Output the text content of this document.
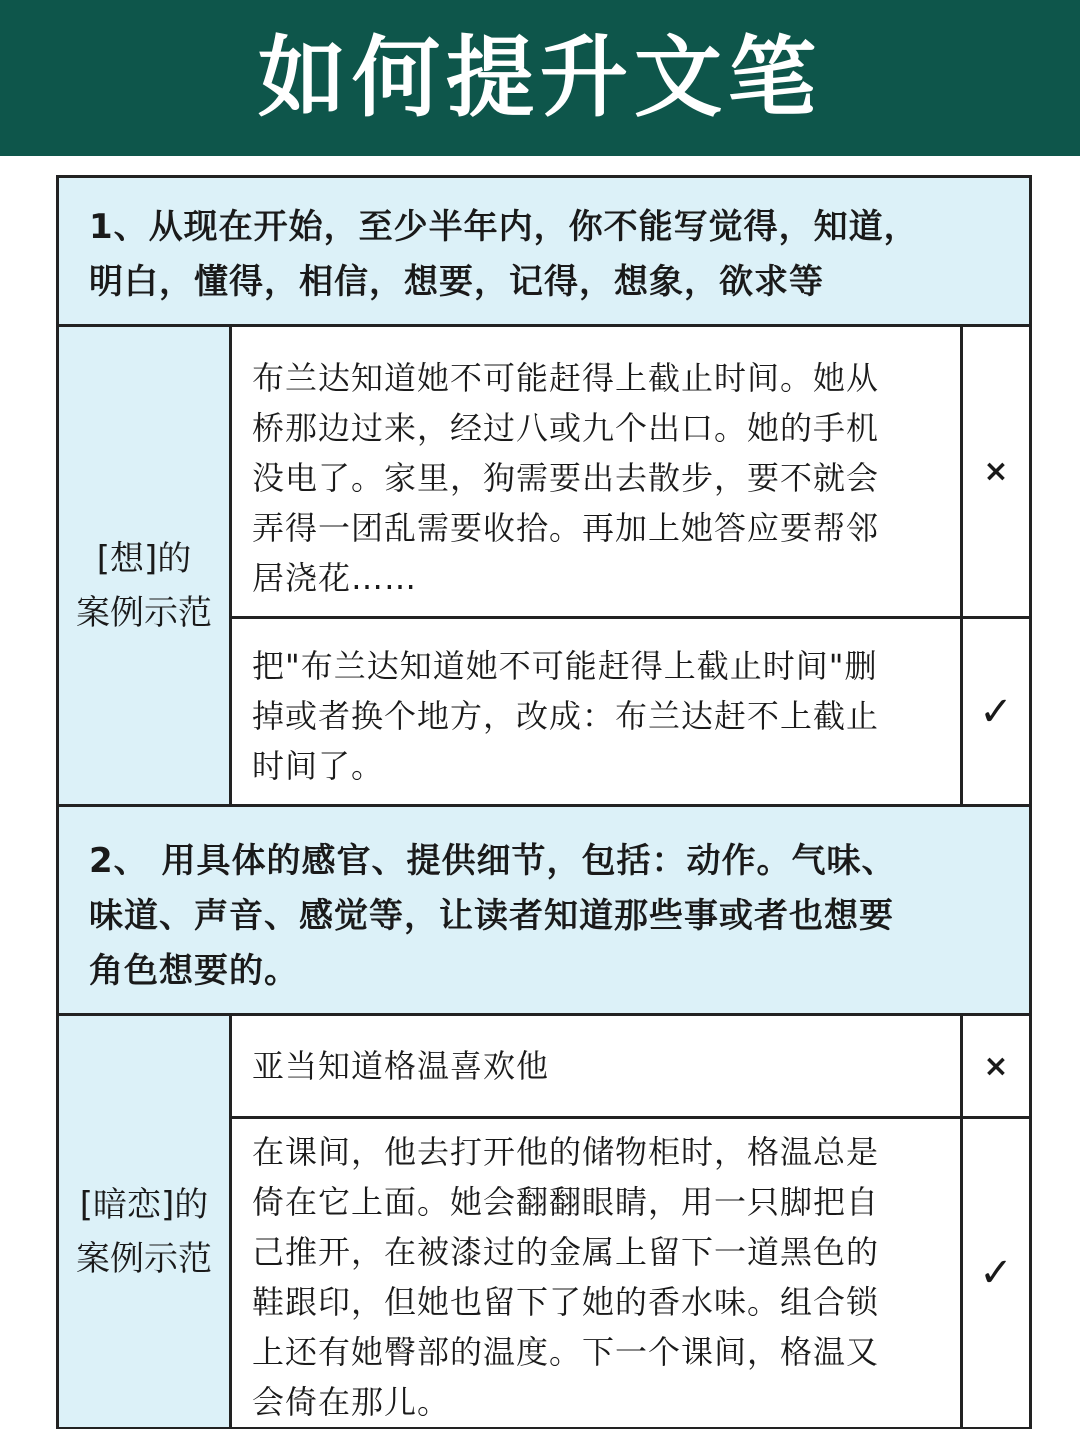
如何提升文笔
1、从现在开始，至少半年内，你不能写觉得，知道，
明白，懂得，相信，想要，记得，想象，欲求等
[想]的
案例示范
布兰达知道她不可能赶得上截止时间。她从
桥那边过来，经过八或九个出口。她的手机
没电了。家里，狗需要出去散步，要不就会
弄得一团乱需要收拾。再加上她答应要帮邻
居浇花……
×
把"布兰达知道她不可能赶得上截止时间"删
掉或者换个地方，改成：布兰达赶不上截止
时间了。
✓
2、 用具体的感官、提供细节，包括：动作。气味、
味道、声音、感觉等，让读者知道那些事或者也想要
角色想要的。
[暗恋]的
案例示范
亚当知道格温喜欢他	×
在课间，他去打开他的储物柜时，格温总是
倚在它上面。她会翻翻眼睛，用一只脚把自
己推开，在被漆过的金属上留下一道黑色的
鞋跟印，但她也留下了她的香水味。组合锁
上还有她臀部的温度。下一个课间，格温又
会倚在那儿。
✓
